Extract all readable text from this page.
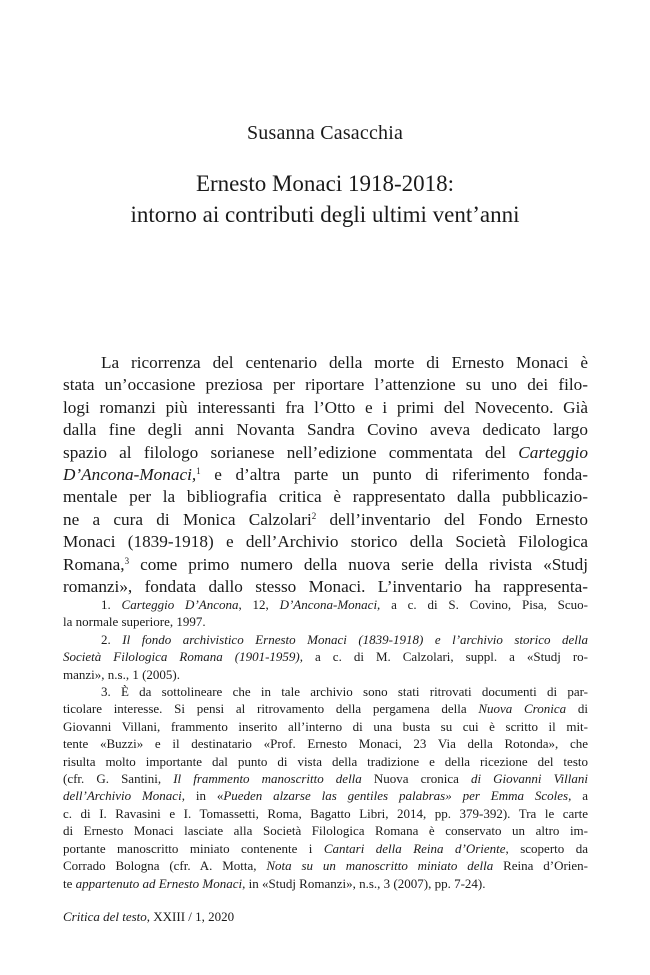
Susanna Casacchia
Ernesto Monaci 1918-2018:
intorno ai contributi degli ultimi vent’anni
La ricorrenza del centenario della morte di Ernesto Monaci è
stata un’occasione preziosa per riportare l’attenzione su uno dei filo-
logi romanzi più interessanti fra l’Otto e i primi del Novecento. Già
dalla fine degli anni Novanta Sandra Covino aveva dedicato largo
spazio al filologo sorianese nell’edizione commentata del Carteggio
D’Ancona-Monaci,$^1$ e d’altra parte un punto di riferimento fonda-
mentale per la bibliografia critica è rappresentato dalla pubblicazio-
ne a cura di Monica Calzolari$^2$ dell’inventario del Fondo Ernesto
Monaci (1839-1918) e dell’Archivio storico della Società Filologica
Romana,$^3$ come primo numero della nuova serie della rivista «Studj
romanzi», fondata dallo stesso Monaci. L’inventario ha rappresenta-
1. Carteggio D’Ancona, 12, D’Ancona-Monaci, a c. di S. Covino, Pisa, Scuo-
la normale superiore, 1997.
2. Il fondo archivistico Ernesto Monaci (1839-1918) e l’archivio storico della
Società Filologica Romana (1901-1959), a c. di M. Calzolari, suppl. a «Studj ro-
manzi», n.s., 1 (2005).
3. È da sottolineare che in tale archivio sono stati ritrovati documenti di par-
ticolare interesse. Si pensi al ritrovamento della pergamena della Nuova Cronica di
Giovanni Villani, frammento inserito all’interno di una busta su cui è scritto il mit-
tente «Buzzi» e il destinatario «Prof. Ernesto Monaci, 23 Via della Rotonda», che
risulta molto importante dal punto di vista della tradizione e della ricezione del testo
(cfr. G. Santini, Il frammento manoscritto della Nuova cronica di Giovanni Villani
dell’Archivio Monaci, in «Pueden alzarse las gentiles palabras» per Emma Scoles, a
c. di I. Ravasini e I. Tomassetti, Roma, Bagatto Libri, 2014, pp. 379-392). Tra le carte
di Ernesto Monaci lasciate alla Società Filologica Romana è conservato un altro im-
portante manoscritto miniato contenente i Cantari della Reina d’Oriente, scoperto da
Corrado Bologna (cfr. A. Motta, Nota su un manoscritto miniato della Reina d’Orien-
te appartenuto ad Ernesto Monaci, in «Studj Romanzi», n.s., 3 (2007), pp. 7-24).
Critica del testo, XXIII / 1, 2020
